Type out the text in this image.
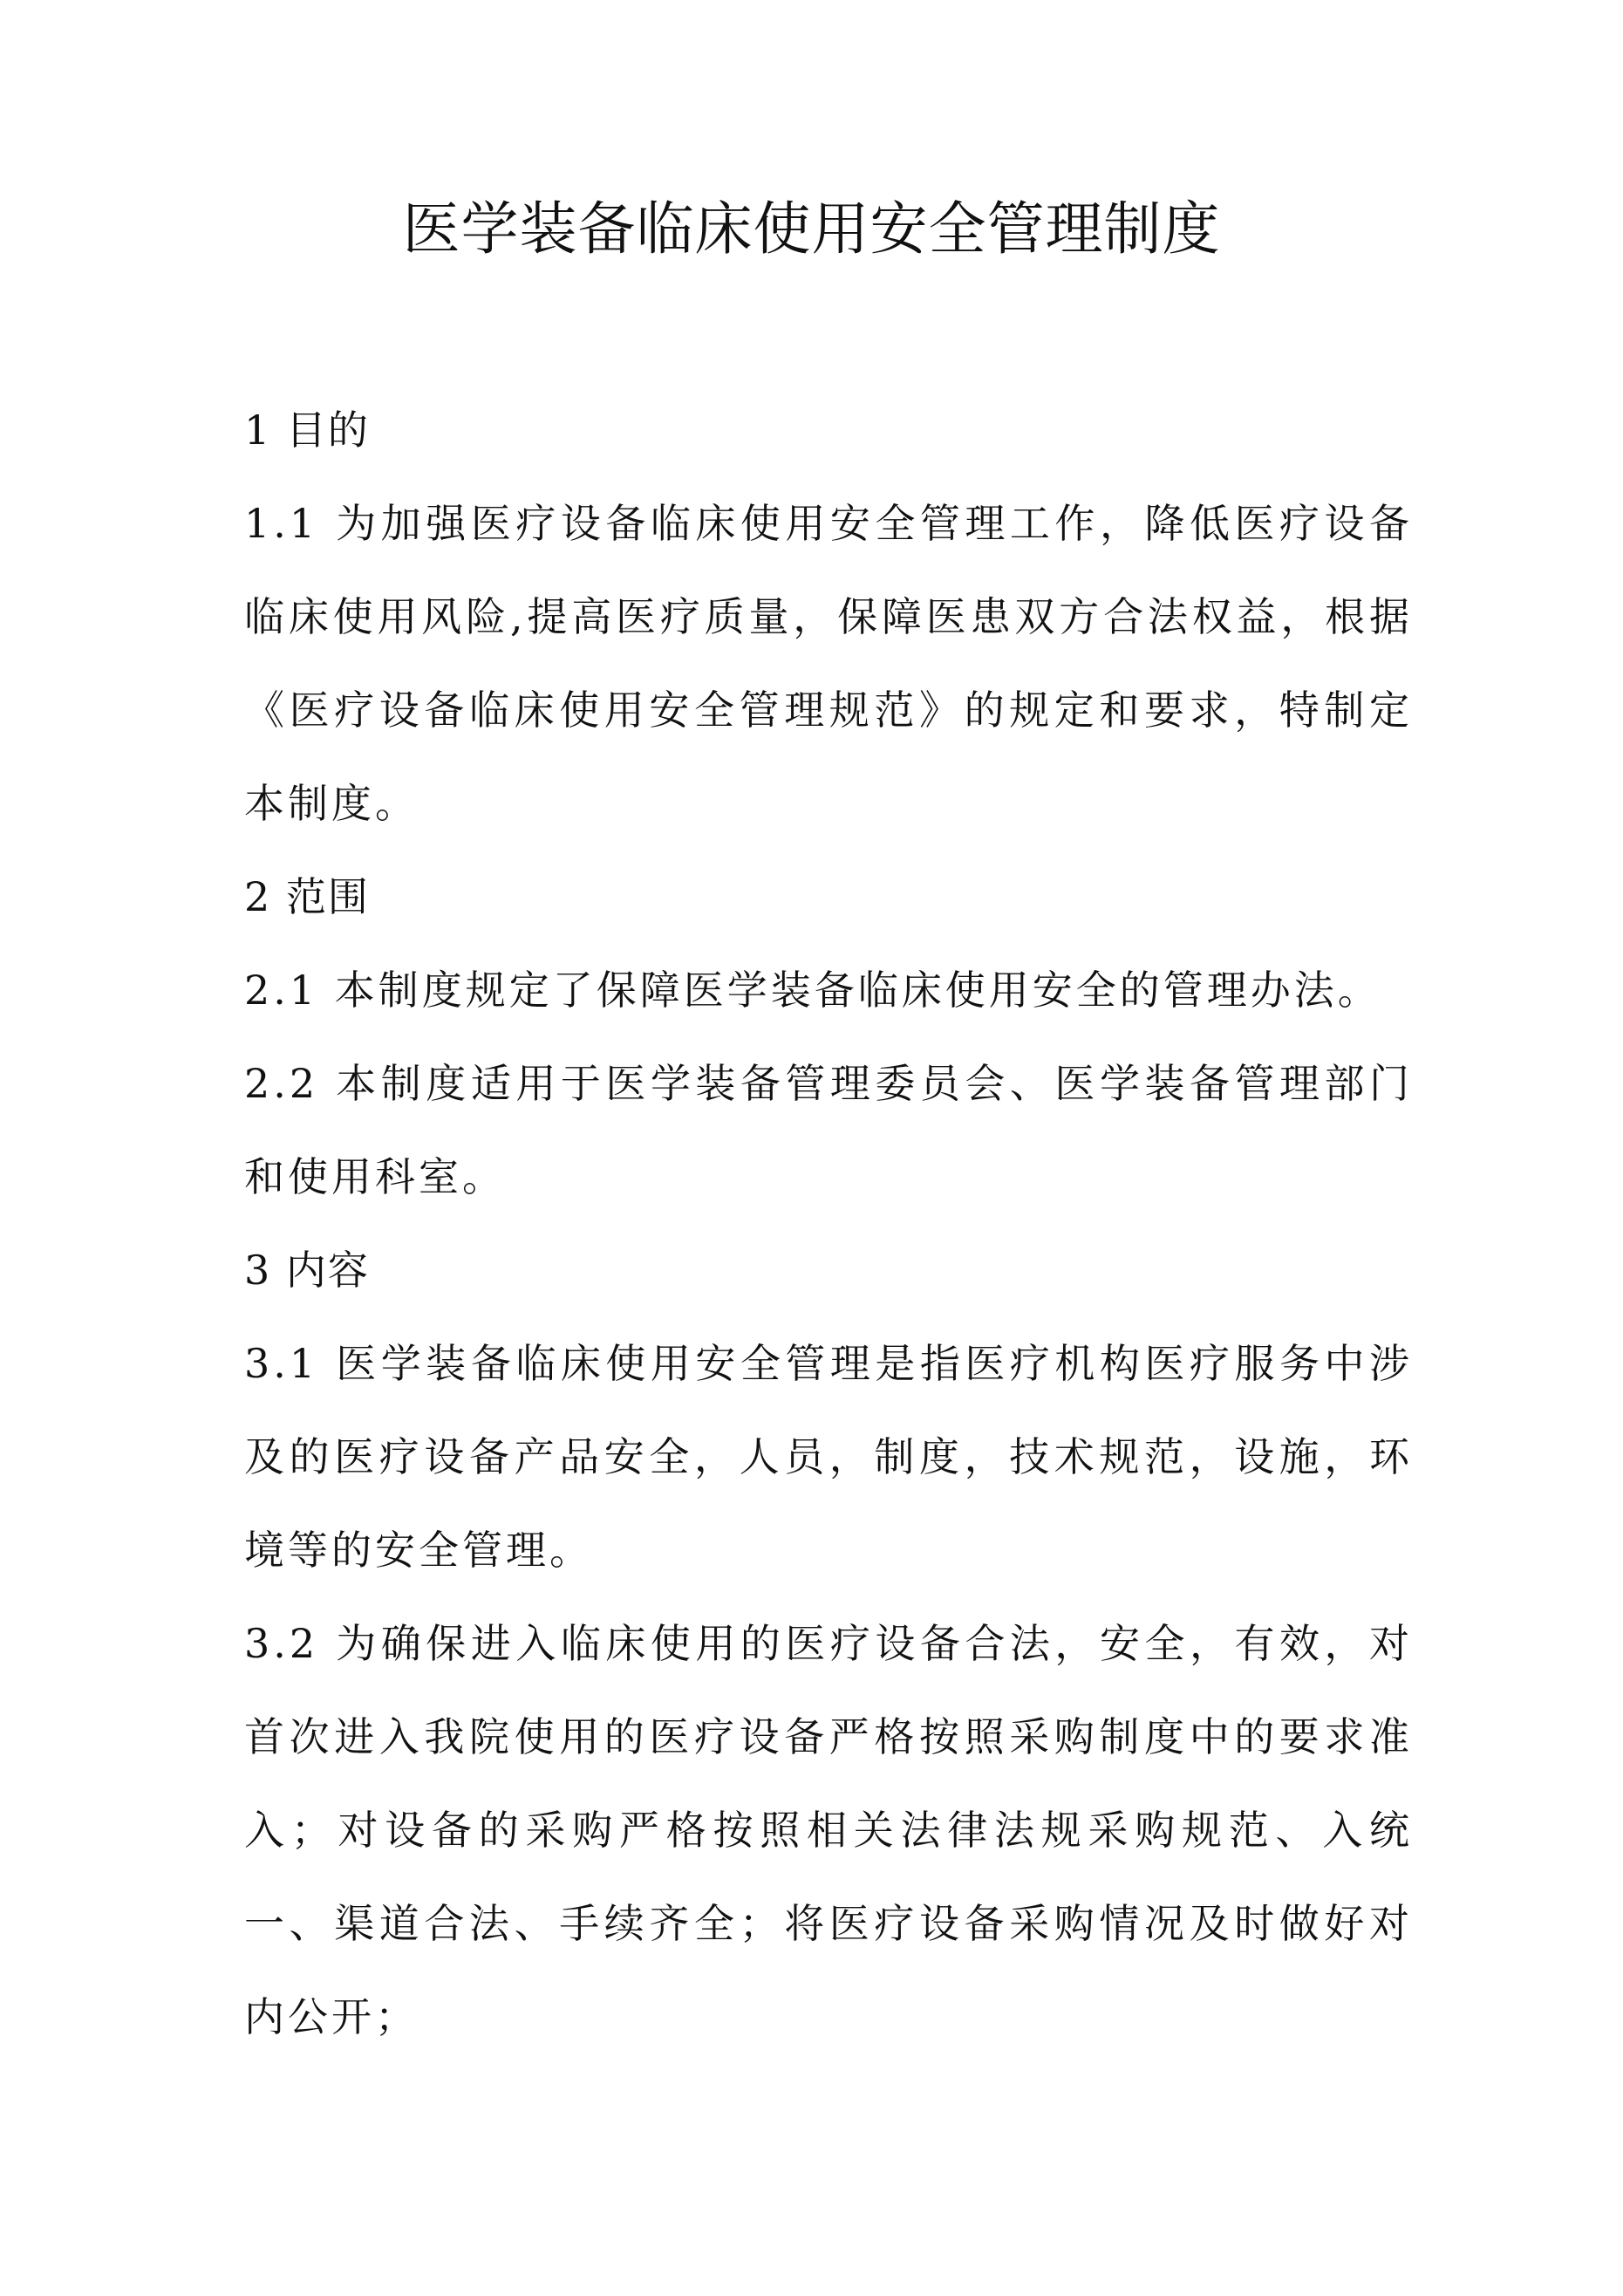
医学装备临床使用安全管理制度
1 目的
1.1 为加强医疗设备临床使用安全管理工作，降低医疗设备临床使用风险,提高医疗质量，保障医患双方合法权益，根据《医疗设备临床使用安全管理规范》的规定和要求，特制定本制度。
2 范围
2.1 本制度规定了保障医学装备临床使用安全的管理办法。
2.2 本制度适用于医学装备管理委员会、医学装备管理部门和使用科室。
3 内容
3.1 医学装备临床使用安全管理是指医疗机构医疗服务中涉及的医疗设备产品安全，人员，制度，技术规范，设施，环境等的安全管理。
3.2 为确保进入临床使用的医疗设备合法，安全，有效，对首次进入我院使用的医疗设备严格按照采购制度中的要求准入；对设备的采购严格按照相关法律法规采购规范、入统一、渠道合法、手续齐全；将医疗设备采购情况及时做好对内公开；
